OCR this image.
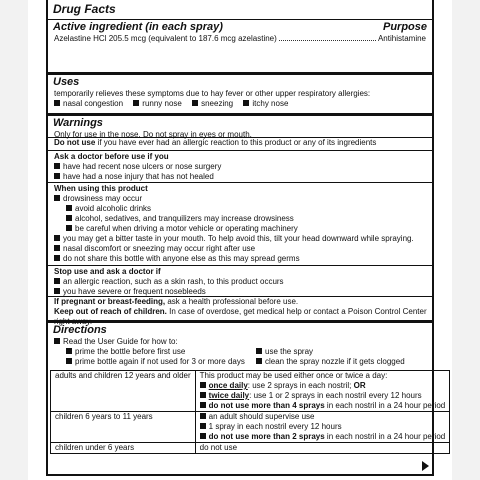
Drug Facts
Active ingredient (in each spray)	Purpose
Azelastine HCl 205.5 mcg (equivalent to 187.6 mcg azelastine)	Antihistamine
Uses
temporarily relieves these symptoms due to hay fever or other upper respiratory allergies:
nasal congestion runny nose sneezing itchy nose
Warnings
Only for use in the nose. Do not spray in eyes or mouth.
Do not use if you have ever had an allergic reaction to this product or any of its ingredients
Ask a doctor before use if you
have had recent nose ulcers or nose surgery
have had a nose injury that has not healed
When using this product
drowsiness may occur
avoid alcoholic drinks
alcohol, sedatives, and tranquilizers may increase drowsiness
be careful when driving a motor vehicle or operating machinery
you may get a bitter taste in your mouth. To help avoid this, tilt your head downward while spraying.
nasal discomfort or sneezing may occur right after use
do not share this bottle with anyone else as this may spread germs
Stop use and ask a doctor if
an allergic reaction, such as a skin rash, to this product occurs
you have severe or frequent nosebleeds
If pregnant or breast-feeding, ask a health professional before use.
Keep out of reach of children. In case of overdose, get medical help or contact a Poison Control Center
right away.
Directions
Read the User Guide for how to:
prime the bottle before first use
prime bottle again if not used for 3 or more days
use the spray
clean the spray nozzle if it gets clogged
adults and children 12 years and older	This product may be used either once or twice a day:
once daily: use 2 sprays in each nostril; OR
twice daily: use 1 or 2 sprays in each nostril every 12 hours
do not use more than 4 sprays in each nostril in a 24 hour period

children 6 years to 11 years	an adult should supervise use
1 spray in each nostril every 12 hours
do not use more than 2 sprays in each nostril in a 24 hour period

children under 6 years	do not use
